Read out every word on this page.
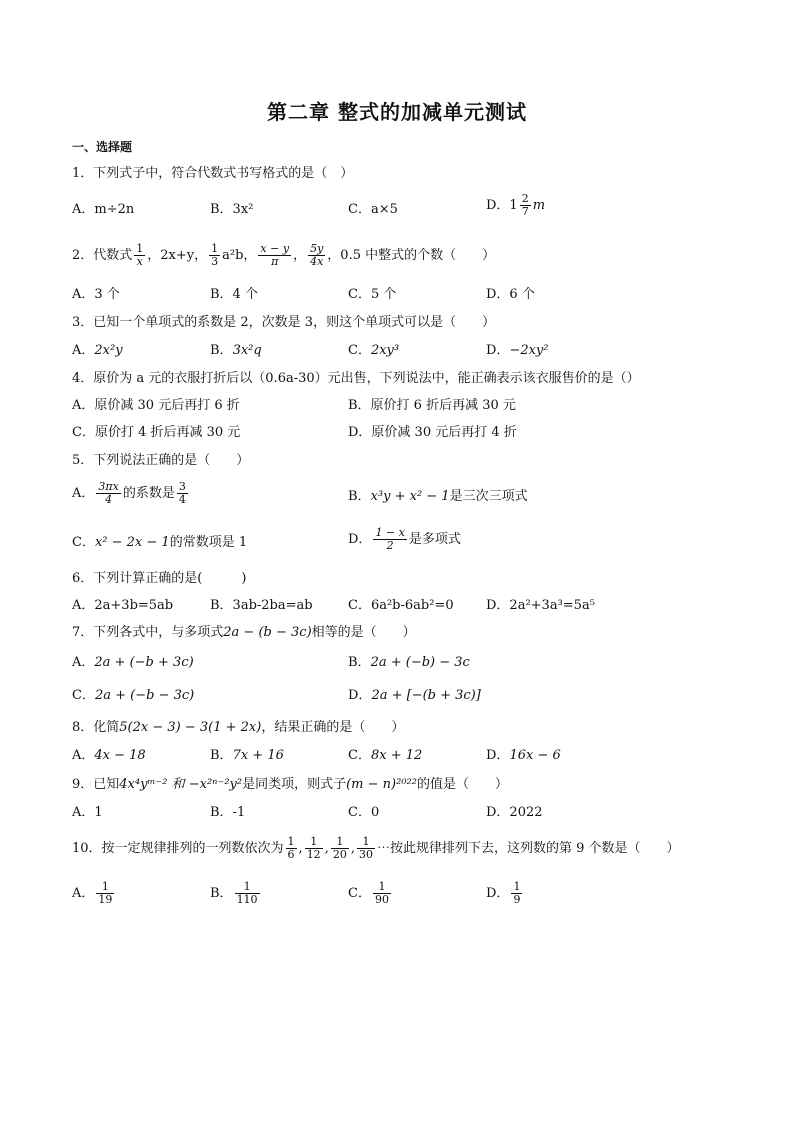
第二章 整式的加减单元测试
一、选择题
1．下列式子中，符合代数式书写格式的是（　）
A．m÷2n	B．3x²	C．a×5	D．$1 \frac{2}{7}$ m
2．代数式 $\frac{1}{x}$ ，2x+y， $\frac{1}{3} a^2b$， $\frac{x - y}{\pi}$ ， $\frac{5y}{4x}$ ，0.5 中整式的个数（　　）
A．3 个	B．4 个	C．5 个	D．6 个
3．已知一个单项式的系数是 2，次数是 3，则这个单项式可以是（　　）
A．2x²y	B．3x²q	C．2xy³	D．−2xy²
4．原价为 a 元的衣服打折后以（0.6a-30）元出售，下列说法中，能正确表示该衣服售价的是（）
A．原价减 30 元后再打 6 折	B．原价打 6 折后再减 30 元
C．原价打 4 折后再减 30 元	D．原价减 30 元后再打 4 折
5．下列说法正确的是（　　）
A． $\frac{3\pi x}{4}$ 的系数是 $\frac{3}{4}$	B．x³y + x² − 1是三次三项式
C．x² − 2x − 1的常数项是 1	D． $\frac{1 - x}{2}$ 是多项式
6．下列计算正确的是(　　　)
A．2a+3b=5ab	B．3ab-2ba=ab	C．6a²b-6ab²=0 D．2a²+3a³=5a⁵
7．下列各式中，与多项式2a − (b − 3c)相等的是（　　）
A．2a + (−b + 3c)	B．2a + (−b) − 3c
C．2a + (−b − 3c)	D．2a + [−(b + 3c)]
8．化简5(2x − 3) − 3(1 + 2x)，结果正确的是（　　）
A．4x − 18	B．7x + 16	C．8x + 12	D．16x − 6
9．已知4x⁴yᵐ⁻² 和 −x²ⁿ⁻²y²是同类项，则式子(m − n)²⁰²²的值是（　　）
A．1	B．-1	C．0	D．2022
10．按一定规律排列的一列数依次为 $\frac{1}{6}$ , $\frac{1}{12}$ , $\frac{1}{20}$ , $\frac{1}{30}$ ⋯按此规律排列下去，这列数的第 9 个数是（　　）
A． $\frac{1}{19}$	B． $\frac{1}{110}$	C． $\frac{1}{90}$	D． $\frac{1}{9}$
